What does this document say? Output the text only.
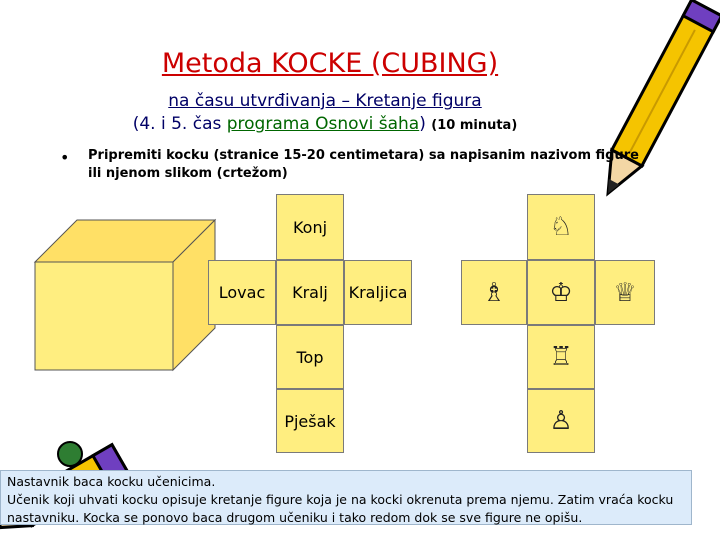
Metoda KOCKE (CUBING)
na času utvrđivanja – Kretanje figura
(4. i 5. čas programa Osnovi šaha) (10 minuta)
• Pripremiti kocku (stranice 15-20 centimetara) sa napisanim nazivom figure ili njenom slikom (crtežom)
Konj
Lovac	Kralj	Kraljica
Top
Pješak
♘
♗ ♔ ♕
♖
♙
Nastavnik baca kocku učenicima.
Učenik koji uhvati kocku opisuje kretanje figure koja je na kocki okrenuta prema njemu. Zatim vraća kocku nastavniku. Kocka se ponovo baca drugom učeniku i tako redom dok se sve figure ne opišu.
